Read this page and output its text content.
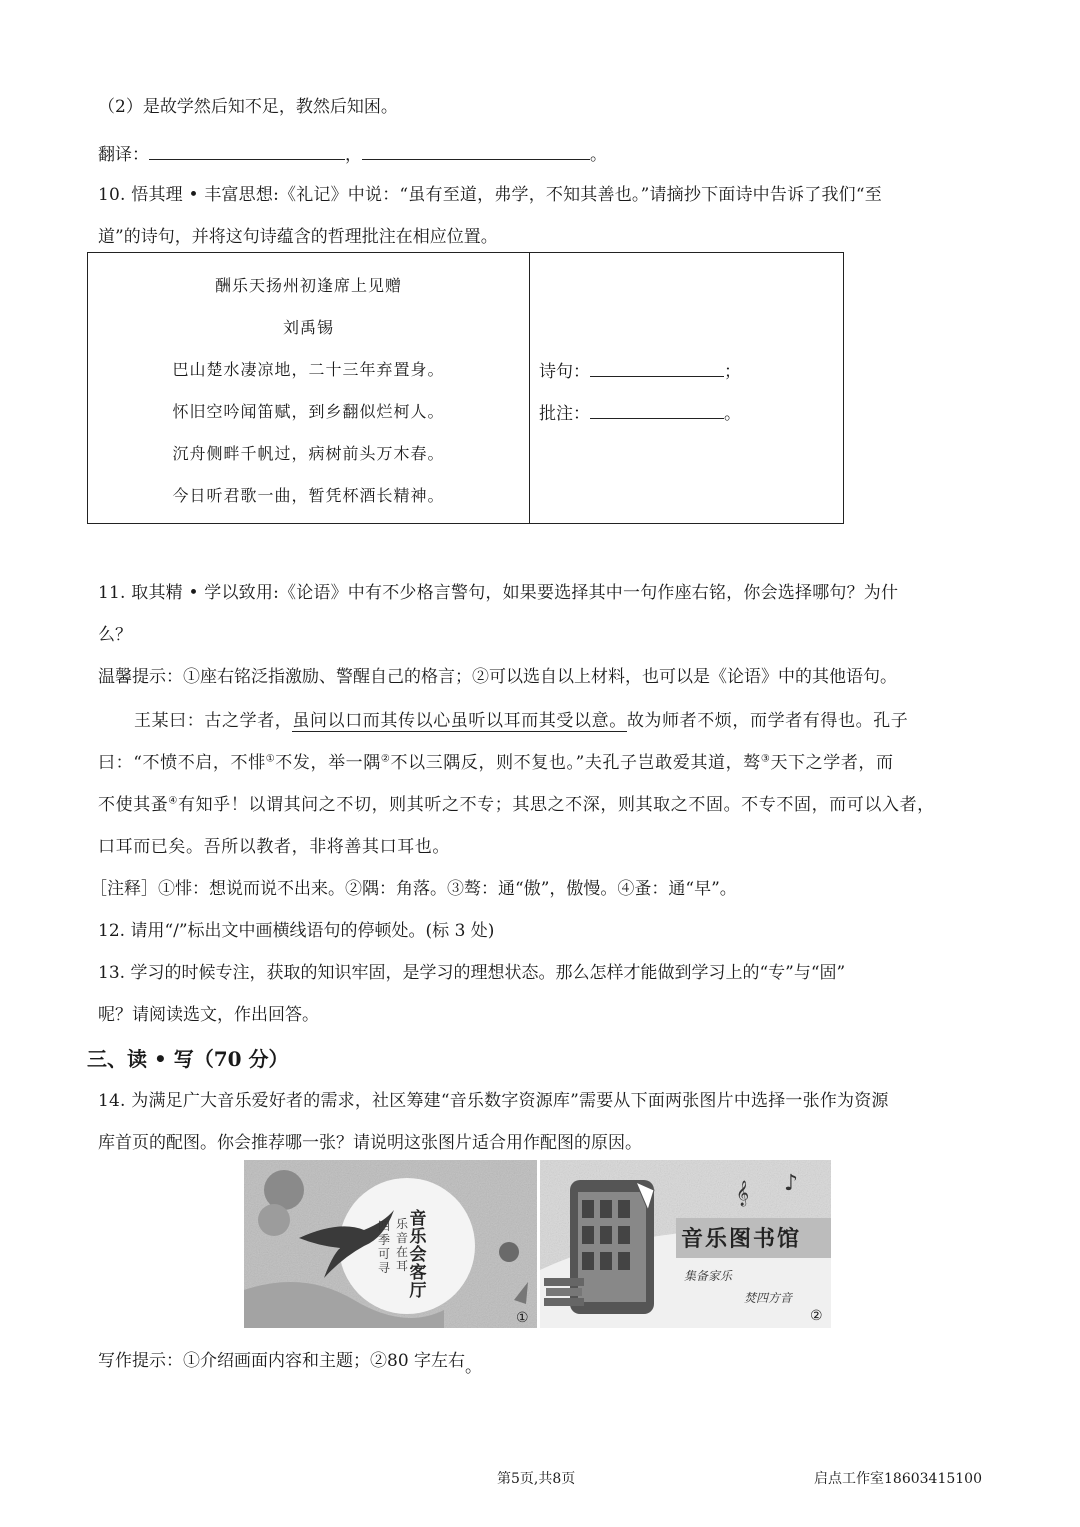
（2）是故学然后知不足，教然后知困。
翻译：	，	。
10. 悟其理 • 丰富思想:《礼记》中说：“虽有至道，弗学，不知其善也。”请摘抄下面诗中告诉了我们“至
道”的诗句，并将这句诗蕴含的哲理批注在相应位置。
酬乐天扬州初逢席上见赠
刘禹锡
巴山楚水凄凉地，二十三年弃置身。
怀旧空吟闻笛赋，到乡翻似烂柯人。
沉舟侧畔千帆过，病树前头万木春。
今日听君歌一曲，暂凭杯酒长精神。
诗句：	；
批注：	。
11. 取其精 • 学以致用:《论语》中有不少格言警句，如果要选择其中一句作座右铭，你会选择哪句？为什
么？
温馨提示：①座右铭泛指激励、警醒自己的格言；②可以选自以上材料，也可以是《论语》中的其他语句。
王某曰：古之学者，虽问以口而其传以心虽听以耳而其受以意。故为师者不烦，而学者有得也。孔子
曰：“不愤不启，不悱①不发，举一隅②不以三隅反，则不复也。”夫孔子岂敢爱其道，骜③天下之学者，而
不使其蚤④有知乎！以谓其问之不切，则其听之不专；其思之不深，则其取之不固。不专不固，而可以入者，
口耳而已矣。吾所以教者，非将善其口耳也。
［注释］①悱：想说而说不出来。②隅：角落。③骜：通“傲”，傲慢。④蚤：通“早”。
12. 请用“/”标出文中画横线语句的停顿处。(标 3 处)
13. 学习的时候专注，获取的知识牢固，是学习的理想状态。那么怎样才能做到学习上的“专”与“固”
呢？请阅读选文，作出回答。
三、读 • 写（70 分）
14. 为满足广大音乐爱好者的需求，社区筹建“音乐数字资源库”需要从下面两张图片中选择一张作为资源
库首页的配图。你会推荐哪一张？请说明这张图片适合用作配图的原因。
音乐会客厅
乐音在耳
四季可寻
①
𝄞 ♪
音乐图书馆
集备家乐
焚四方音
②
写作提示：①介绍画面内容和主题；②80 字左右。
第5页,共8页	启点工作室18603415100
